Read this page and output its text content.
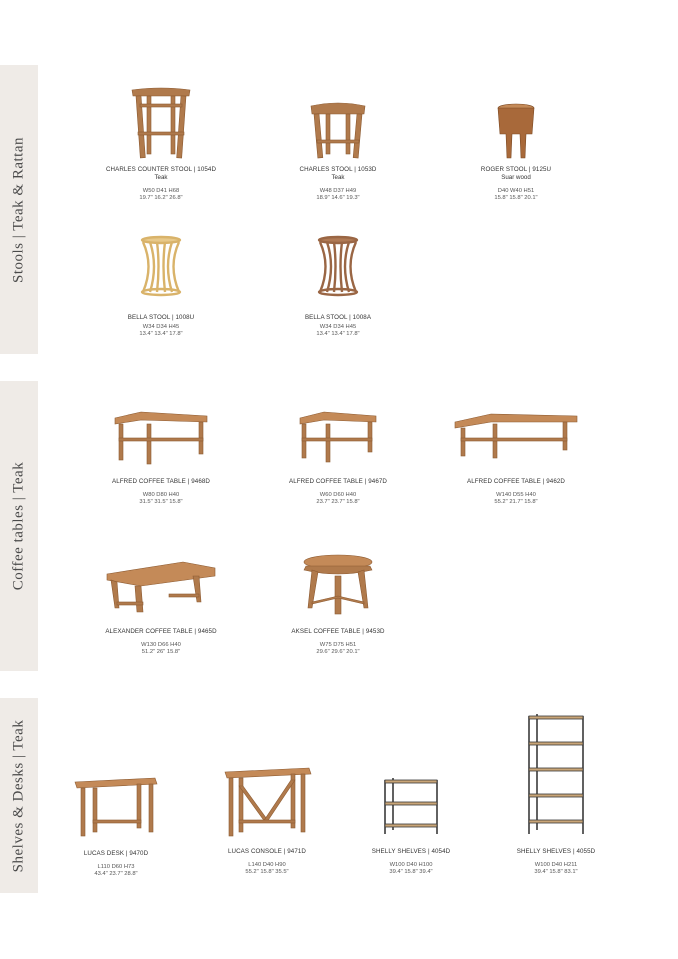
Stools | Teak & Rattan
Coffee tables | Teak
Shelves & Desks | Teak
CHARLES COUNTER STOOL | 1054D
Teak
W50 D41 H68
19.7" 16.2" 26.8"
CHARLES STOOL | 1053D
Teak
W48 D37 H49
18.9" 14.6" 19.3"
ROGER STOOL | 9125U
Suar wood
D40 W40 H51
15.8" 15.8" 20.1"
BELLA STOOL | 1008U
W34 D34 H45
13.4" 13.4" 17.8"
BELLA STOOL | 1008A
W34 D34 H45
13.4" 13.4" 17.8"
ALFRED COFFEE TABLE | 9468D
W80 D80 H40
31.5" 31.5" 15.8"
ALFRED COFFEE TABLE | 9467D
W60 D60 H40
23.7" 23.7" 15.8"
ALFRED COFFEE TABLE | 9462D
W140 D55 H40
55.2" 21.7" 15.8"
ALEXANDER COFFEE TABLE | 9465D
W130 D66 H40
51.2" 26" 15.8"
AKSEL COFFEE TABLE | 9453D
W75 D75 H51
29.6" 29.6" 20.1"
LUCAS DESK | 9470D
L110 D60 H73
43.4" 23.7" 28.8"
LUCAS CONSOLE | 9471D
L140 D40 H90
55.2" 15.8" 35.5"
SHELLY SHELVES | 4054D
W100 D40 H100
39.4" 15.8" 39.4"
SHELLY SHELVES | 4055D
W100 D40 H211
39.4" 15.8" 83.1"
